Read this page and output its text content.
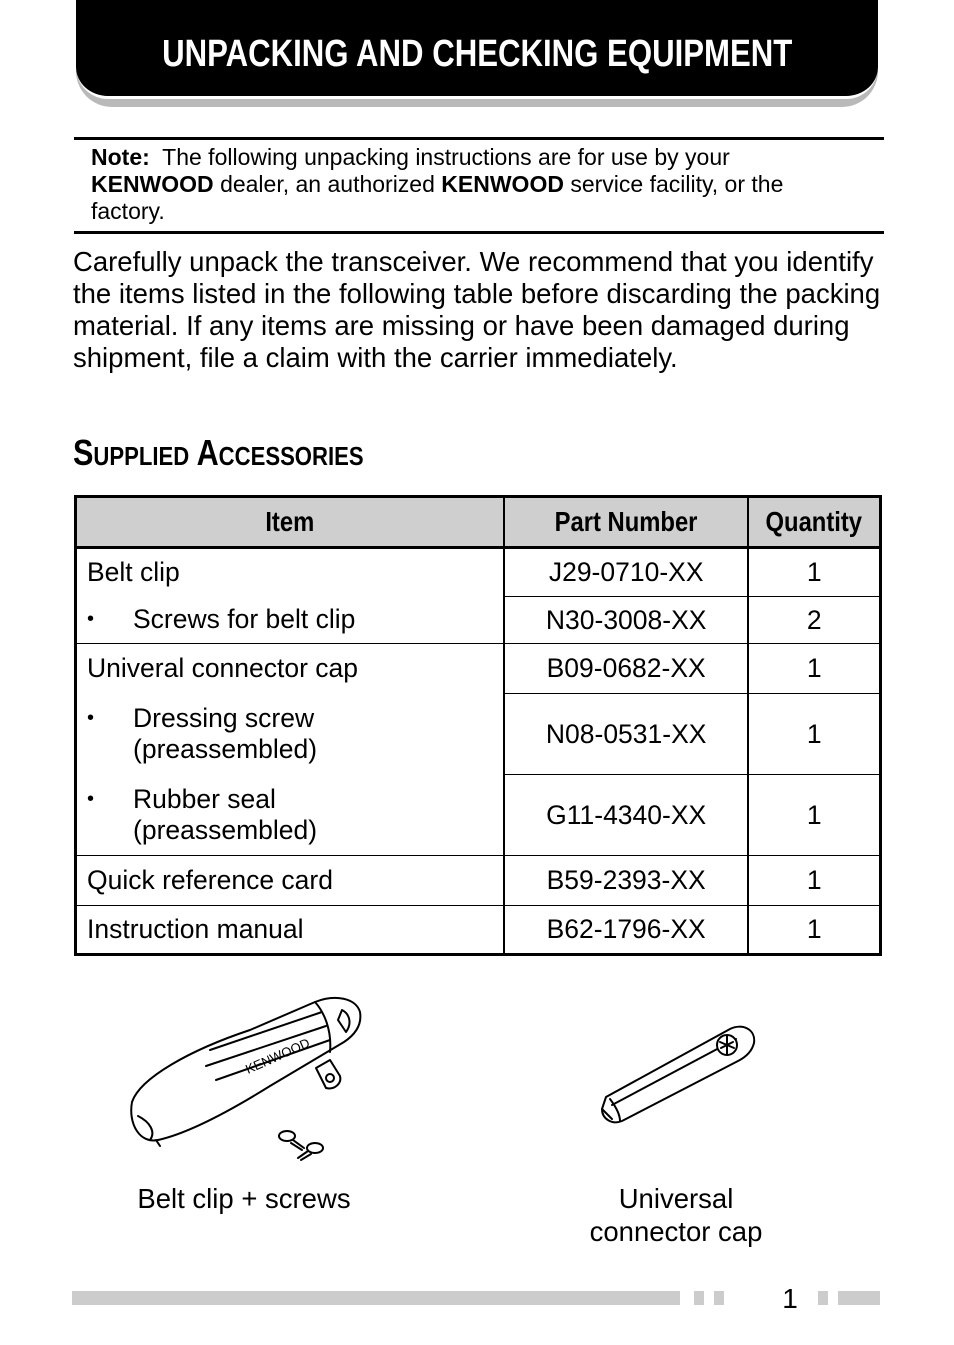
UNPACKING AND CHECKING EQUIPMENT
Note: The following unpacking instructions are for use by your
KENWOOD dealer, an authorized KENWOOD service facility, or the
factory.
Carefully unpack the transceiver. We recommend that you identify the items listed in the following table before discarding the packing material. If any items are missing or have been damaged during shipment, file a claim with the carrier immediately.
SUPPLIED ACCESSORIES
Item	Part Number	Quantity
Belt clip	J29-0710-XX	1

• Screws for belt clip	N30-3008-XX	2
Univeral connector cap	B09-0682-XX	1

• Dressing screw
(preassembled)	N08-0531-XX	1

• Rubber seal
(preassembled)	G11-4340-XX	1
Quick reference card	B59-2393-XX	1
Instruction manual	B62-1796-XX	1
KENWOOD
Belt clip + screws	Universal
connector cap
1
